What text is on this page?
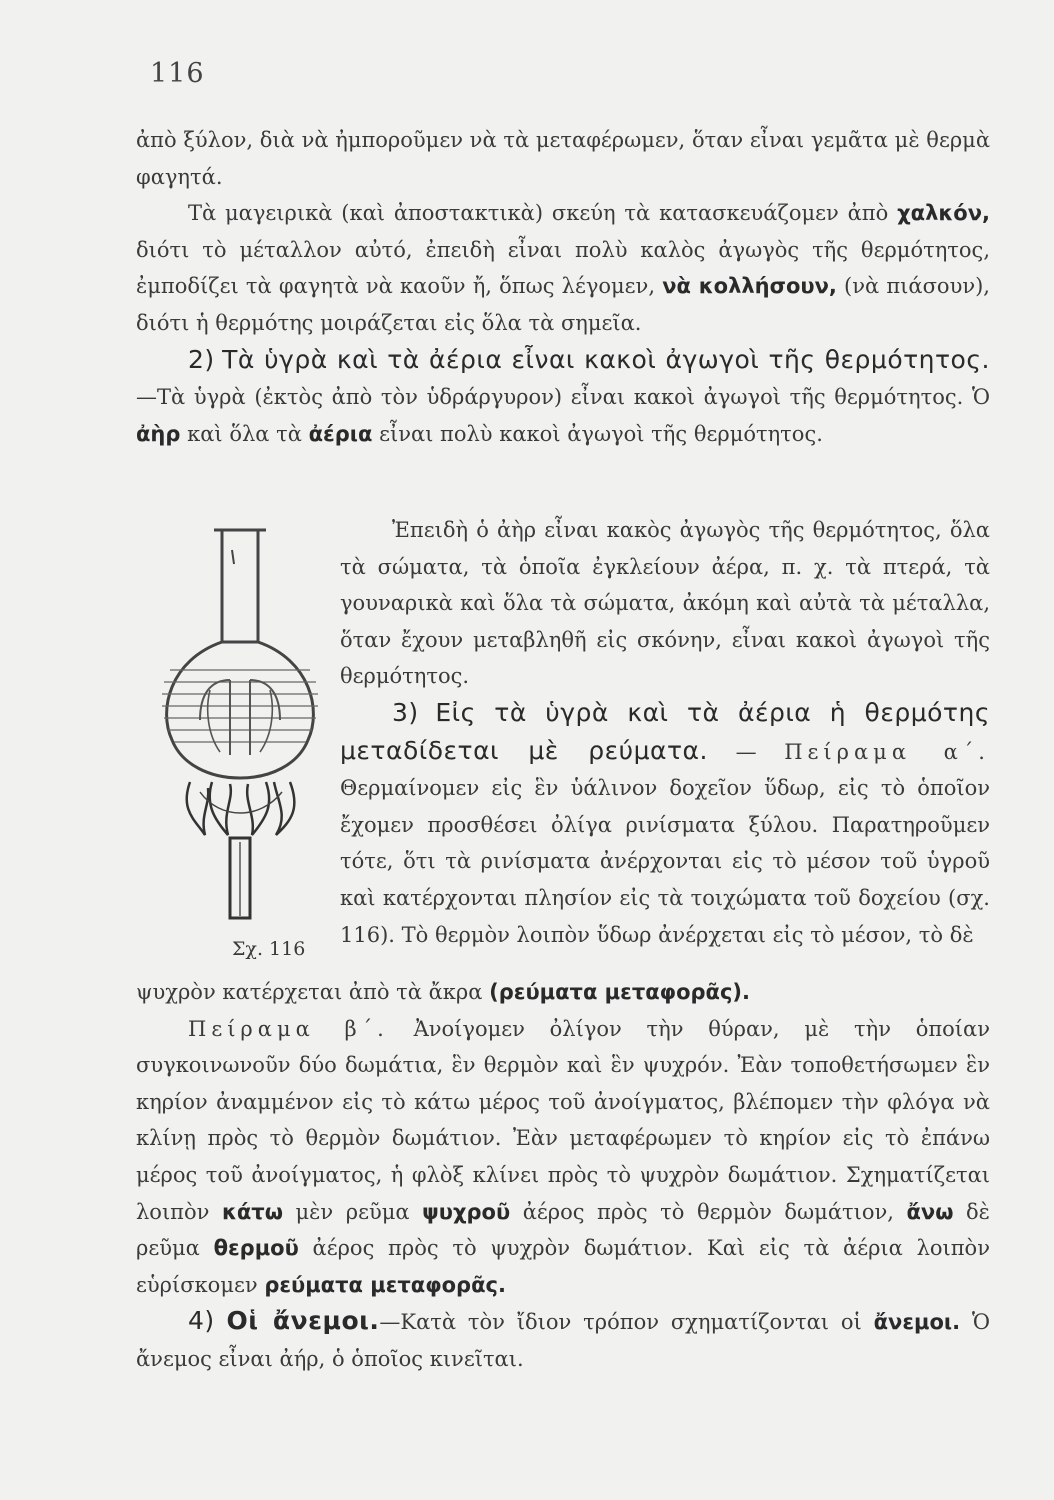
116

ἀπὸ ξύλον, διὰ νὰ ἠμποροῦμεν νὰ τὰ μεταφέρωμεν, ὅταν εἶναι γεμᾶτα μὲ θερμὰ φαγητά.

Τὰ μαγειρικὰ (καὶ ἀποστακτικὰ) σκεύη τὰ κατασκευάζομεν ἀπὸ χαλκόν, διότι τὸ μέταλλον αὐτό, ἐπειδὴ εἶναι πολὺ καλὸς ἀγωγὸς τῆς θερμότητος, ἐμποδίζει τὰ φαγητὰ νὰ καοῦν ἤ, ὅπως λέγομεν, νὰ κολλήσουν, (νὰ πιάσουν), διότι ἡ θερμότης μοιράζεται εἰς ὅλα τὰ σημεῖα.

2) Τὰ ὑγρὰ καὶ τὰ ἀέρια εἶναι κακοὶ ἀγωγοὶ τῆς θερμότητος.—Τὰ ὑγρὰ (ἐκτὸς ἀπὸ τὸν ὑδράργυρον) εἶναι κακοὶ ἀγωγοὶ τῆς θερμότητος. Ὁ ἀὴρ καὶ ὅλα τὰ ἀέρια εἶναι πολὺ κακοὶ ἀγωγοὶ τῆς θερμότητος.

Σχ. 116

Ἐπειδὴ ὁ ἀὴρ εἶναι κακὸς ἀγωγὸς τῆς θερμότητος, ὅλα τὰ σώματα, τὰ ὁποῖα ἐγκλείουν ἀέρα, π. χ. τὰ πτερά, τὰ γουναρικὰ καὶ ὅλα τὰ σώματα, ἀκόμη καὶ αὐτὰ τὰ μέταλλα, ὅταν ἔχουν μεταβληθῆ εἰς σκόνην, εἶναι κακοὶ ἀγωγοὶ τῆς θερμότητος.

3) Εἰς τὰ ὑγρὰ καὶ τὰ ἀέρια ἡ θερμότης μεταδίδεται μὲ ρεύματα. — Πείραμα α΄. Θερμαίνομεν εἰς ἓν ὑάλινον δοχεῖον ὕδωρ, εἰς τὸ ὁποῖον ἔχομεν προσθέσει ὀλίγα ρινίσματα ξύλου. Παρατηροῦμεν τότε, ὅτι τὰ ρινίσματα ἀνέρχονται εἰς τὸ μέσον τοῦ ὑγροῦ καὶ κατέρχονται πλησίον εἰς τὰ τοιχώματα τοῦ δοχείου (σχ. 116). Τὸ θερμὸν λοιπὸν ὕδωρ ἀνέρχεται εἰς τὸ μέσον, τὸ δὲ

ψυχρὸν κατέρχεται ἀπὸ τὰ ἄκρα (ρεύματα μεταφορᾶς).

Πείραμα β΄. Ἀνοίγομεν ὀλίγον τὴν θύραν, μὲ τὴν ὁποίαν συγκοινωνοῦν δύο δωμάτια, ἓν θερμὸν καὶ ἓν ψυχρόν. Ἐὰν τοποθετήσωμεν ἓν κηρίον ἀναμμένον εἰς τὸ κάτω μέρος τοῦ ἀνοίγματος, βλέπομεν τὴν φλόγα νὰ κλίνῃ πρὸς τὸ θερμὸν δωμάτιον. Ἐὰν μεταφέρωμεν τὸ κηρίον εἰς τὸ ἐπάνω μέρος τοῦ ἀνοίγματος, ἡ φλὸξ κλίνει πρὸς τὸ ψυχρὸν δωμάτιον. Σχηματίζεται λοιπὸν κάτω μὲν ρεῦμα ψυχροῦ ἀέρος πρὸς τὸ θερμὸν δωμάτιον, ἄνω δὲ ρεῦμα θερμοῦ ἀέρος πρὸς τὸ ψυχρὸν δωμάτιον. Καὶ εἰς τὰ ἀέρια λοιπὸν εὑρίσκομεν ρεύματα μεταφορᾶς.

4) Οἱ ἄνεμοι.—Κατὰ τὸν ἴδιον τρόπον σχηματίζονται οἱ ἄνεμοι. Ὁ ἄνεμος εἶναι ἀήρ, ὁ ὁποῖος κινεῖται.
